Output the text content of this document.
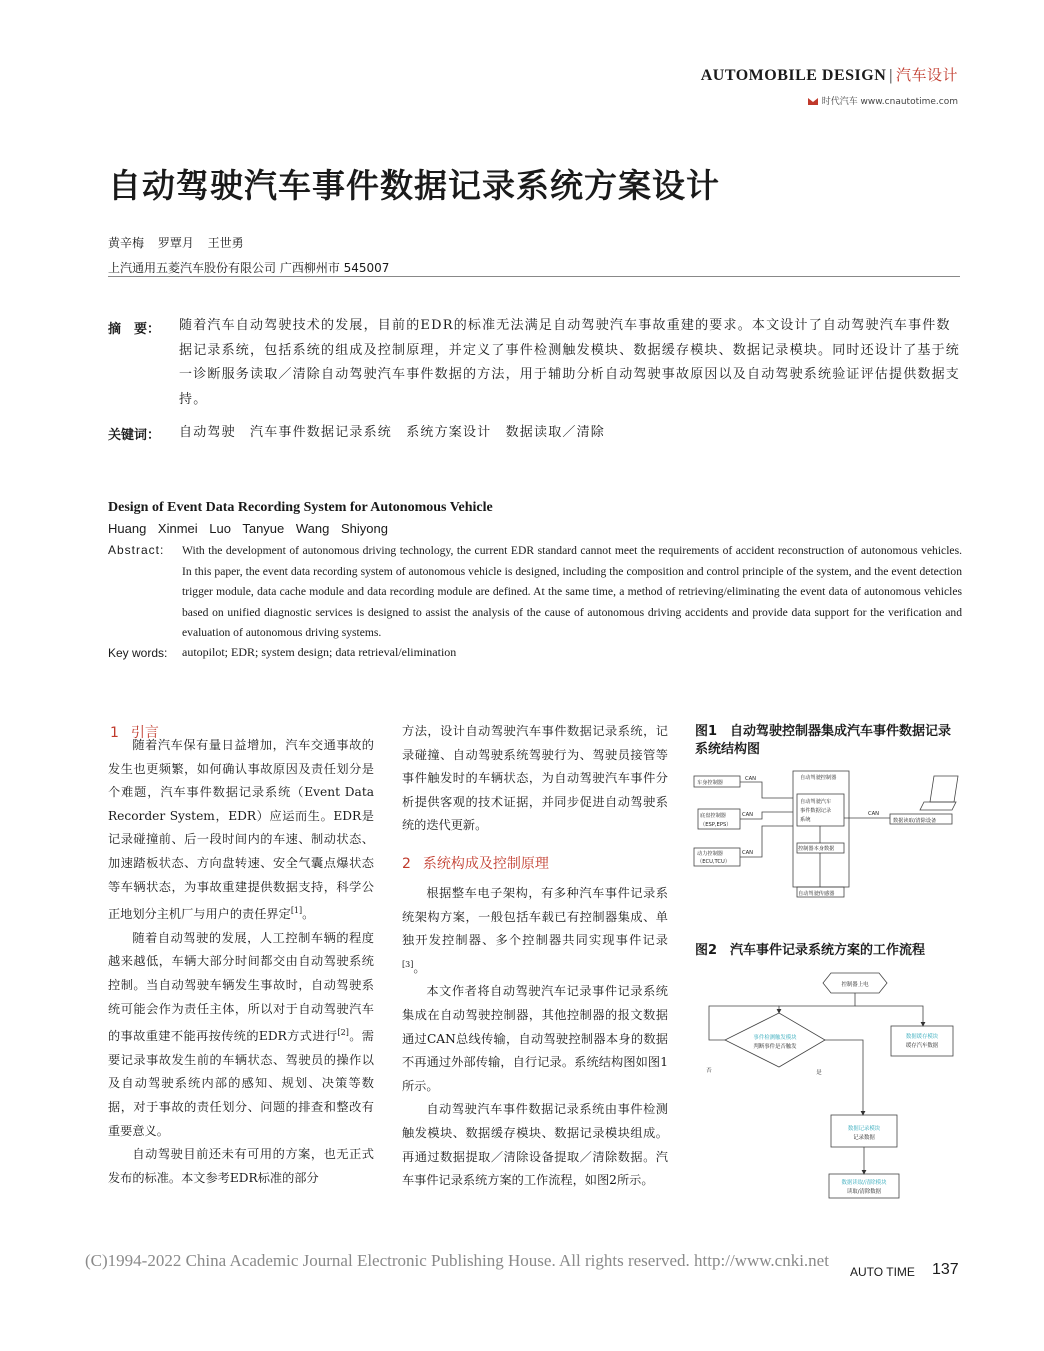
AUTOMOBILE DESIGN | 汽车设计
时代汽车 www.cnautotime.com
自动驾驶汽车事件数据记录系统方案设计
黄辛梅 罗覃月 王世勇
上汽通用五菱汽车股份有限公司 广西柳州市 545007
摘　要： 随着汽车自动驾驶技术的发展，目前的EDR的标准无法满足自动驾驶汽车事故重建的要求。本文设计了自动驾驶汽车事件数据记录系统，包括系统的组成及控制原理，并定义了事件检测触发模块、数据缓存模块、数据记录模块。同时还设计了基于统一诊断服务读取／清除自动驾驶汽车事件数据的方法，用于辅助分析自动驾驶事故原因以及自动驾驶系统验证评估提供数据支持。
关键词： 自动驾驶　汽车事件数据记录系统　系统方案设计　数据读取／清除
Design of Event Data Recording System for Autonomous Vehicle
Huang Xinmei Luo Tanyue Wang Shiyong
Abstract: With the development of autonomous driving technology, the current EDR standard cannot meet the requirements of accident reconstruction of autonomous vehicles. In this paper, the event data recording system of autonomous vehicle is designed, including the composition and control principle of the system, and the event detection trigger module, data cache module and data recording module are defined. At the same time, a method of retrieving/eliminating the event data of autonomous vehicles based on unified diagnostic services is designed to assist the analysis of the cause of autonomous driving accidents and provide data support for the verification and evaluation of autonomous driving systems.
Key words: autopilot; EDR; system design; data retrieval/elimination
1 引言

随着汽车保有量日益增加，汽车交通事故的发生也更频繁，如何确认事故原因及责任划分是个难题，汽车事件数据记录系统（Event Data Recorder System，EDR）应运而生。EDR是记录碰撞前、后一段时间内的车速、制动状态、加速踏板状态、方向盘转速、安全气囊点爆状态等车辆状态，为事故重建提供数据支持，科学公正地划分主机厂与用户的责任界定[1]。

随着自动驾驶的发展，人工控制车辆的程度越来越低，车辆大部分时间都交由自动驾驶系统控制。当自动驾驶车辆发生事故时，自动驾驶系统可能会作为责任主体，所以对于自动驾驶汽车的事故重建不能再按传统的EDR方式进行[2]。需要记录事故发生前的车辆状态、驾驶员的操作以及自动驾驶系统内部的感知、规划、决策等数据，对于事故的责任划分、问题的排查和整改有重要意义。

自动驾驶目前还未有可用的方案，也无正式发布的标准。本文参考EDR标准的部分

方法，设计自动驾驶汽车事件数据记录系统，记录碰撞、自动驾驶系统驾驶行为、驾驶员接管等事件触发时的车辆状态，为自动驾驶汽车事件分析提供客观的技术证据，并同步促进自动驾驶系统的迭代更新。

2 系统构成及控制原理

根据整车电子架构，有多种汽车事件记录系统架构方案，一般包括车载已有控制器集成、单独开发控制器、多个控制器共同实现事件记录[3]。

本文作者将自动驾驶汽车记录事件记录系统集成在自动驾驶控制器，其他控制器的报文数据通过CAN总线传输，自动驾驶控制器本身的数据不再通过外部传输，自行记录。系统结构图如图1所示。

自动驾驶汽车事件数据记录系统由事件检测触发模块、数据缓存模块、数据记录模块组成。再通过数据提取／清除设备提取／清除数据。汽车事件记录系统方案的工作流程，如图2所示。

图1　自动驾驶控制器集成汽车事件数据记录系统结构图
车身控制器
底盘控制器
（ESP,EPS）
动力控制器
（ECU,TCU）
CAN
CAN
CAN
自动驾驶控制器
自动驾驶汽车
事件数据记录
系统
控制器本身数据
自动驾驶传感器
CAN
数据读取/清除设备
图2　汽车事件记录系统方案的工作流程
控制器上电
事件检测触发模块
判断事件是否触发
数据缓存模块
缓存汽车数据
否	是
数据记录模块
记录数据
数据读取/清除模块
读取/清除数据
(C)1994-2022 China Academic Journal Electronic Publishing House. All rights reserved. http://www.cnki.net
AUTO TIME 137
